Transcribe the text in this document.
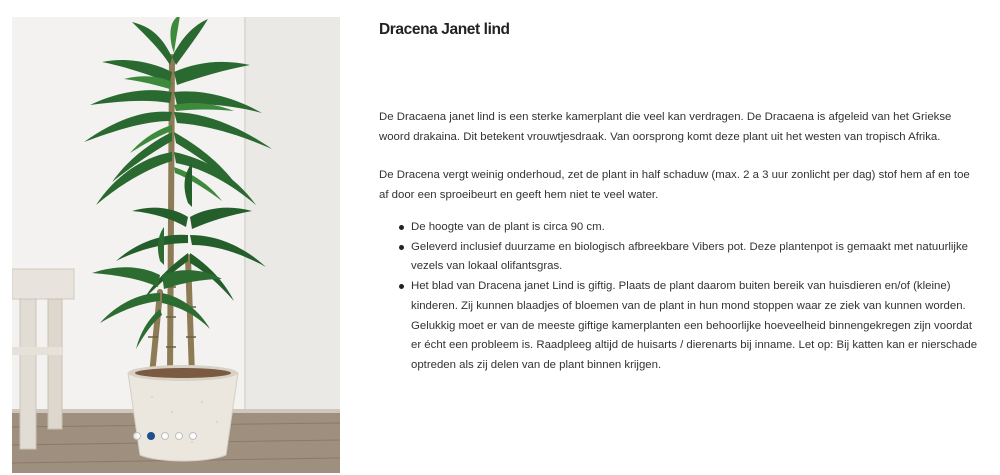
Dracena Janet lind

De Dracaena janet lind is een sterke kamerplant die veel kan verdragen. De Dracaena is afgeleid van het Griekse woord drakaina. Dit betekent vrouwtjesdraak. Van oorsprong komt deze plant uit het westen van tropisch Afrika.

De Dracena vergt weinig onderhoud, zet de plant in half schaduw (max. 2 a 3 uur zonlicht per dag) stof hem af en toe af door een sproeibeurt en geeft hem niet te veel water.

De hoogte van de plant is circa 90 cm.
Geleverd inclusief duurzame en biologisch afbreekbare Vibers pot. Deze plantenpot is gemaakt met natuurlijke vezels van lokaal olifantsgras.
Het blad van Dracena janet Lind is giftig. Plaats de plant daarom buiten bereik van huisdieren en/of (kleine) kinderen. Zij kunnen blaadjes of bloemen van de plant in hun mond stoppen waar ze ziek van kunnen worden. Gelukkig moet er van de meeste giftige kamerplanten een behoorlijke hoeveelheid binnengekregen zijn voordat er écht een probleem is. Raadpleeg altijd de huisarts / dierenarts bij inname. Let op: Bij katten kan er nierschade optreden als zij delen van de plant binnen krijgen.
